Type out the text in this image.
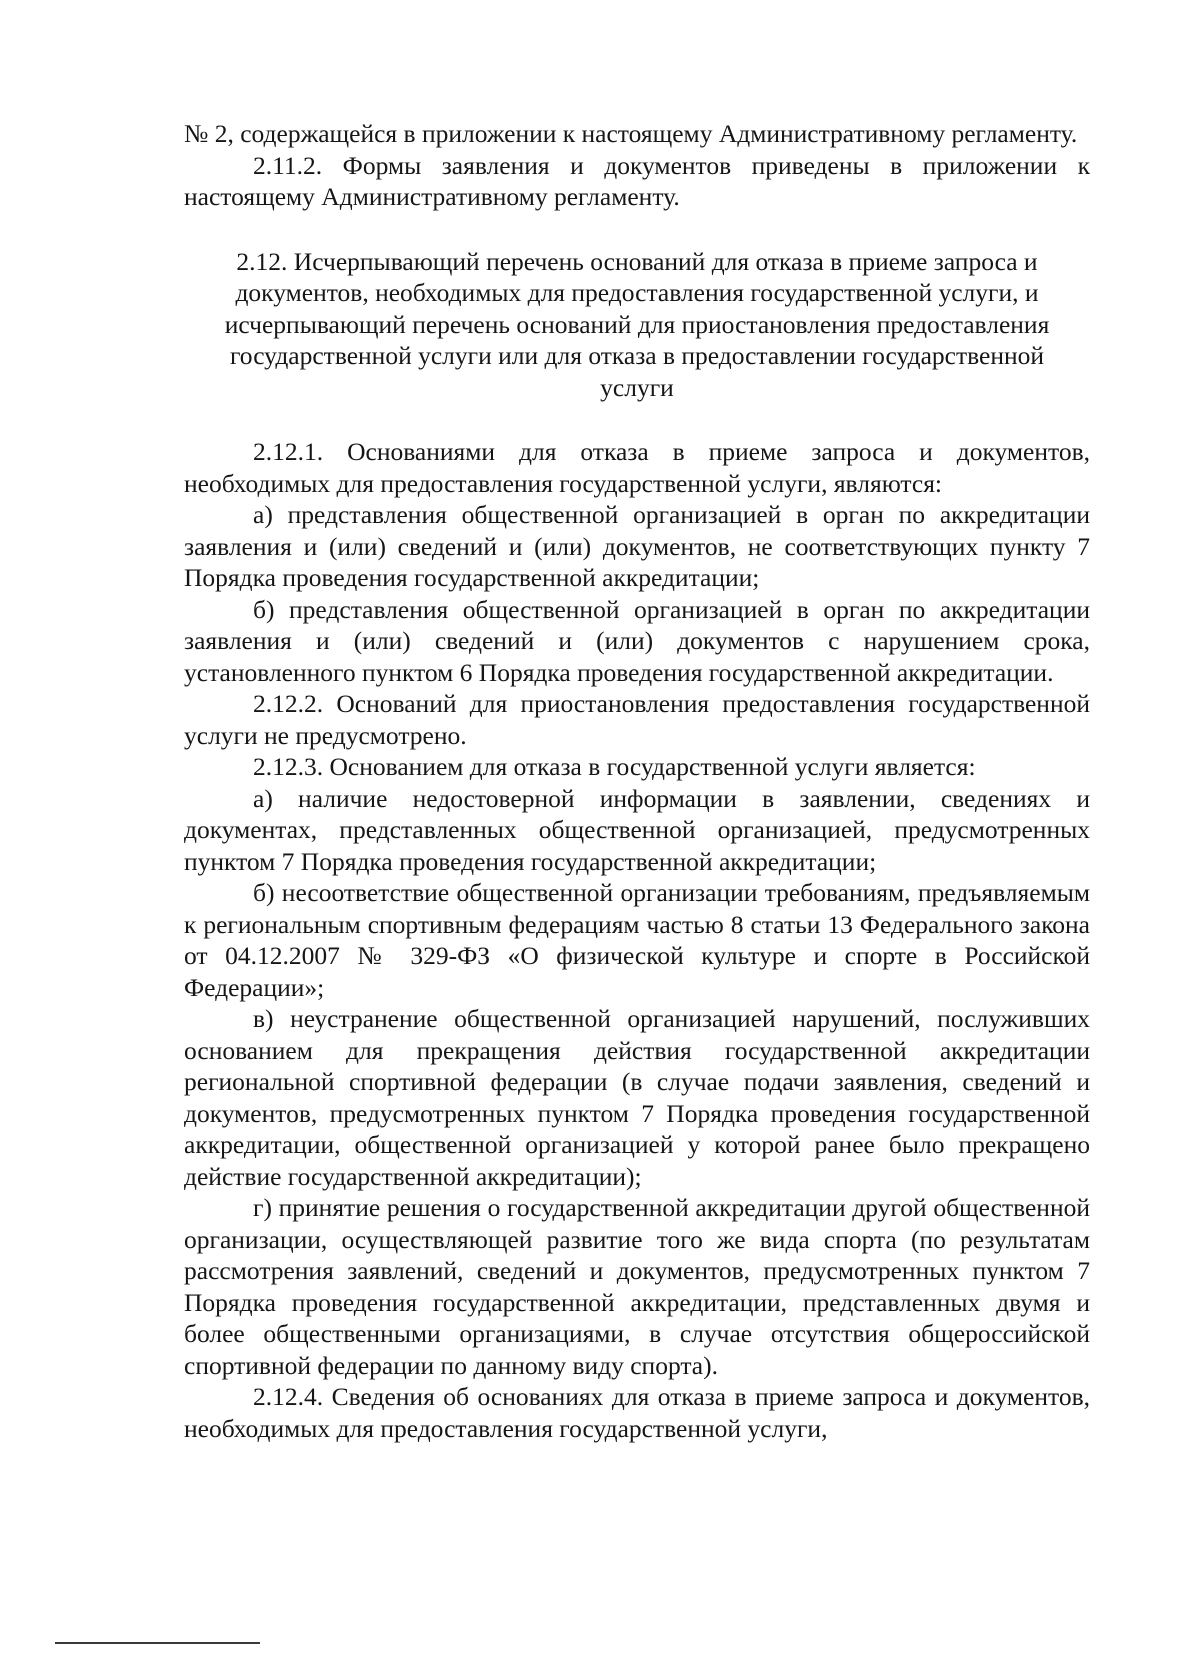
№ 2, содержащейся в приложении к настоящему Административному регламенту.

2.11.2. Формы заявления и документов приведены в приложении к настоящему Административному регламенту.

2.12. Исчерпывающий перечень оснований для отказа в приеме запроса и документов, необходимых для предоставления государственной услуги, и исчерпывающий перечень оснований для приостановления предоставления государственной услуги или для отказа в предоставлении государственной услуги

2.12.1. Основаниями для отказа в приеме запроса и документов, необходимых для предоставления государственной услуги, являются:

а) представления общественной организацией в орган по аккредитации заявления и (или) сведений и (или) документов, не соответствующих пункту 7 Порядка проведения государственной аккредитации;

б) представления общественной организацией в орган по аккредитации заявления и (или) сведений и (или) документов с нарушением срока, установленного пунктом 6 Порядка проведения государственной аккредитации.

2.12.2. Оснований для приостановления предоставления государственной услуги не предусмотрено.

2.12.3. Основанием для отказа в государственной услуги является:

а) наличие недостоверной информации в заявлении, сведениях и документах, представленных общественной организацией, предусмотренных пунктом 7 Порядка проведения государственной аккредитации;

б) несоответствие общественной организации требованиям, предъявляемым к региональным спортивным федерациям частью 8 статьи 13 Федерального закона от 04.12.2007 № 329-ФЗ «О физической культуре и спорте в Российской Федерации»;

в) неустранение общественной организацией нарушений, послуживших основанием для прекращения действия государственной аккредитации региональной спортивной федерации (в случае подачи заявления, сведений и документов, предусмотренных пунктом 7 Порядка проведения государственной аккредитации, общественной организацией у которой ранее было прекращено действие государственной аккредитации);

г) принятие решения о государственной аккредитации другой общественной организации, осуществляющей развитие того же вида спорта (по результатам рассмотрения заявлений, сведений и документов, предусмотренных пунктом 7 Порядка проведения государственной аккредитации, представленных двумя и более общественными организациями, в случае отсутствия общероссийской спортивной федерации по данному виду спорта).

2.12.4. Сведения об основаниях для отказа в приеме запроса и документов, необходимых для предоставления государственной услуги,
